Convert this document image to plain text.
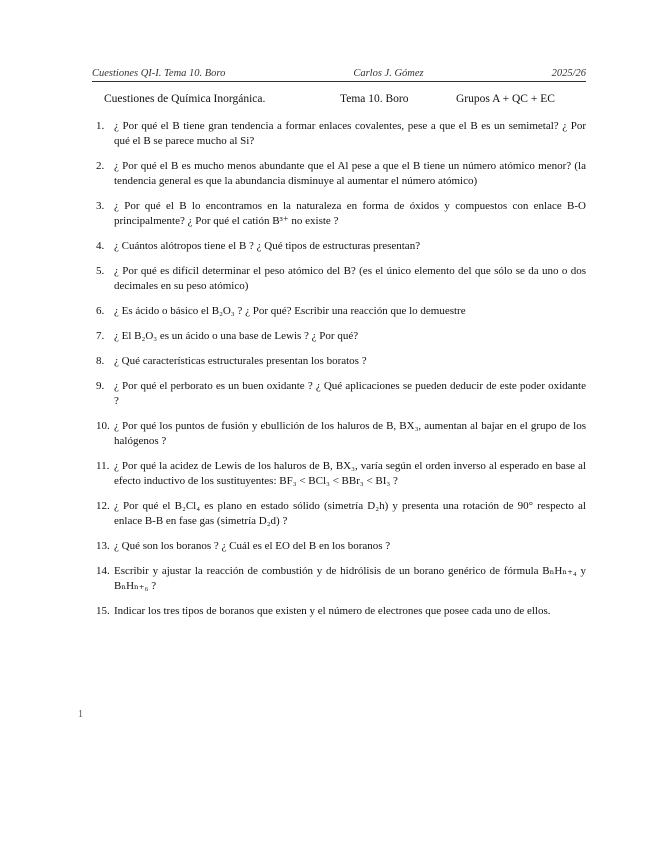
Cuestiones QI-I. Tema 10. Boro	Carlos J. Gómez	2025/26
Cuestiones de Química Inorgánica.	Tema 10. Boro	Grupos A + QC + EC
1. ¿ Por qué el B tiene gran tendencia a formar enlaces covalentes, pese a que el B es un semimetal? ¿ Por qué el B se parece mucho al Si?
2. ¿ Por qué el B es mucho menos abundante que el Al pese a que el B tiene un número atómico menor? (la tendencia general es que la abundancia disminuye al aumentar el número atómico)
3. ¿ Por qué el B lo encontramos en la naturaleza en forma de óxidos y compuestos con enlace B-O principalmente? ¿ Por qué el catión B³⁺ no existe ?
4. ¿ Cuántos alótropos tiene el B ? ¿ Qué tipos de estructuras presentan?
5. ¿ Por qué es difícil determinar el peso atómico del B? (es el único elemento del que sólo se da uno o dos decimales en su peso atómico)
6. ¿ Es ácido o básico el B₂O₃ ? ¿ Por qué? Escribir una reacción que lo demuestre
7. ¿ El B₂O₃ es un ácido o una base de Lewis ? ¿ Por qué?
8. ¿ Qué características estructurales presentan los boratos ?
9. ¿ Por qué el perborato es un buen oxidante ? ¿ Qué aplicaciones se pueden deducir de este poder oxidante ?
10. ¿ Por qué los puntos de fusión y ebullición de los haluros de B, BX₃, aumentan al bajar en el grupo de los halógenos ?
11. ¿ Por qué la acidez de Lewis de los haluros de B, BX₃, varía según el orden inverso al esperado en base al efecto inductivo de los sustituyentes: BF₃ < BCl₃ < BBr₃ < BI₃ ?
12. ¿ Por qué el B₂Cl₄ es plano en estado sólido (simetría D₂h) y presenta una rotación de 90° respecto al enlace B-B en fase gas (simetría D₂d) ?
13. ¿ Qué son los boranos ? ¿ Cuál es el EO del B en los boranos ?
14. Escribir y ajustar la reacción de combustión y de hidrólisis de un borano genérico de fórmula BₙHₙ₊₄ y BₙHₙ₊₆ ?
15. Indicar los tres tipos de boranos que existen y el número de electrones que posee cada uno de ellos.
1
